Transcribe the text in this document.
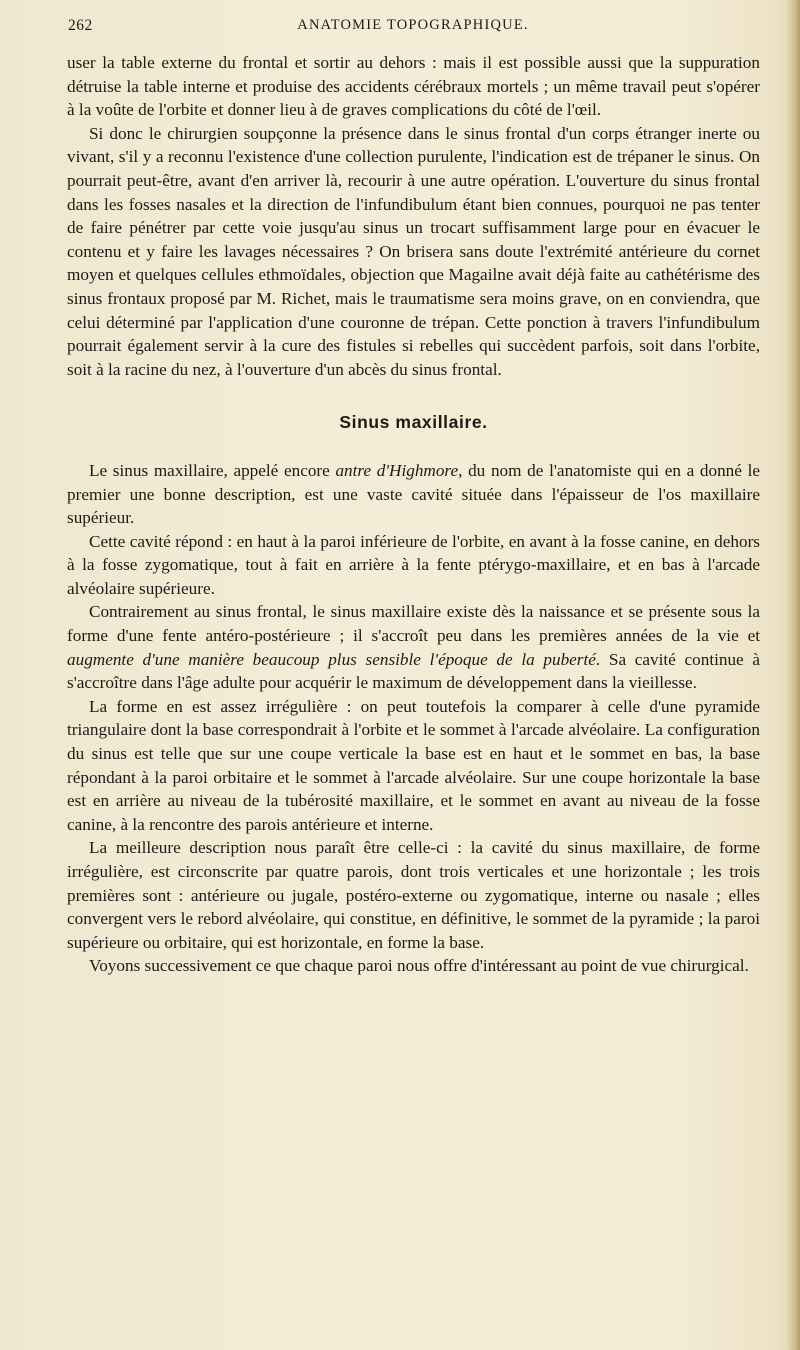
262	ANATOMIE TOPOGRAPHIQUE.

user la table externe du frontal et sortir au dehors : mais il est possible aussi que la suppuration détruise la table interne et produise des accidents cérébraux mortels ; un même travail peut s'opérer à la voûte de l'orbite et donner lieu à de graves complications du côté de l'œil.

Si donc le chirurgien soupçonne la présence dans le sinus frontal d'un corps étranger inerte ou vivant, s'il y a reconnu l'existence d'une collection purulente, l'indication est de trépaner le sinus. On pourrait peut-être, avant d'en arriver là, recourir à une autre opération. L'ouverture du sinus frontal dans les fosses nasales et la direction de l'infundibulum étant bien connues, pourquoi ne pas tenter de faire pénétrer par cette voie jusqu'au sinus un trocart suffisamment large pour en évacuer le contenu et y faire les lavages nécessaires ? On brisera sans doute l'extrémité antérieure du cornet moyen et quelques cellules ethmoïdales, objection que Magailne avait déjà faite au cathétérisme des sinus frontaux proposé par M. Richet, mais le traumatisme sera moins grave, on en conviendra, que celui déterminé par l'application d'une couronne de trépan. Cette ponction à travers l'infundibulum pourrait également servir à la cure des fistules si rebelles qui succèdent parfois, soit dans l'orbite, soit à la racine du nez, à l'ouverture d'un abcès du sinus frontal.

Sinus maxillaire.

Le sinus maxillaire, appelé encore antre d'Highmore, du nom de l'anatomiste qui en a donné le premier une bonne description, est une vaste cavité située dans l'épaisseur de l'os maxillaire supérieur.

Cette cavité répond : en haut à la paroi inférieure de l'orbite, en avant à la fosse canine, en dehors à la fosse zygomatique, tout à fait en arrière à la fente ptérygo-maxillaire, et en bas à l'arcade alvéolaire supérieure.

Contrairement au sinus frontal, le sinus maxillaire existe dès la naissance et se présente sous la forme d'une fente antéro-postérieure ; il s'accroît peu dans les premières années de la vie et augmente d'une manière beaucoup plus sensible l'époque de la puberté. Sa cavité continue à s'accroître dans l'âge adulte pour acquérir le maximum de développement dans la vieillesse.

La forme en est assez irrégulière : on peut toutefois la comparer à celle d'une pyramide triangulaire dont la base correspondrait à l'orbite et le sommet à l'arcade alvéolaire. La configuration du sinus est telle que sur une coupe verticale la base est en haut et le sommet en bas, la base répondant à la paroi orbitaire et le sommet à l'arcade alvéolaire. Sur une coupe horizontale la base est en arrière au niveau de la tubérosité maxillaire, et le sommet en avant au niveau de la fosse canine, à la rencontre des parois antérieure et interne.

La meilleure description nous paraît être celle-ci : la cavité du sinus maxillaire, de forme irrégulière, est circonscrite par quatre parois, dont trois verticales et une horizontale ; les trois premières sont : antérieure ou jugale, postéro-externe ou zygomatique, interne ou nasale ; elles convergent vers le rebord alvéolaire, qui constitue, en définitive, le sommet de la pyramide ; la paroi supérieure ou orbitaire, qui est horizontale, en forme la base.

Voyons successivement ce que chaque paroi nous offre d'intéressant au point de vue chirurgical.
